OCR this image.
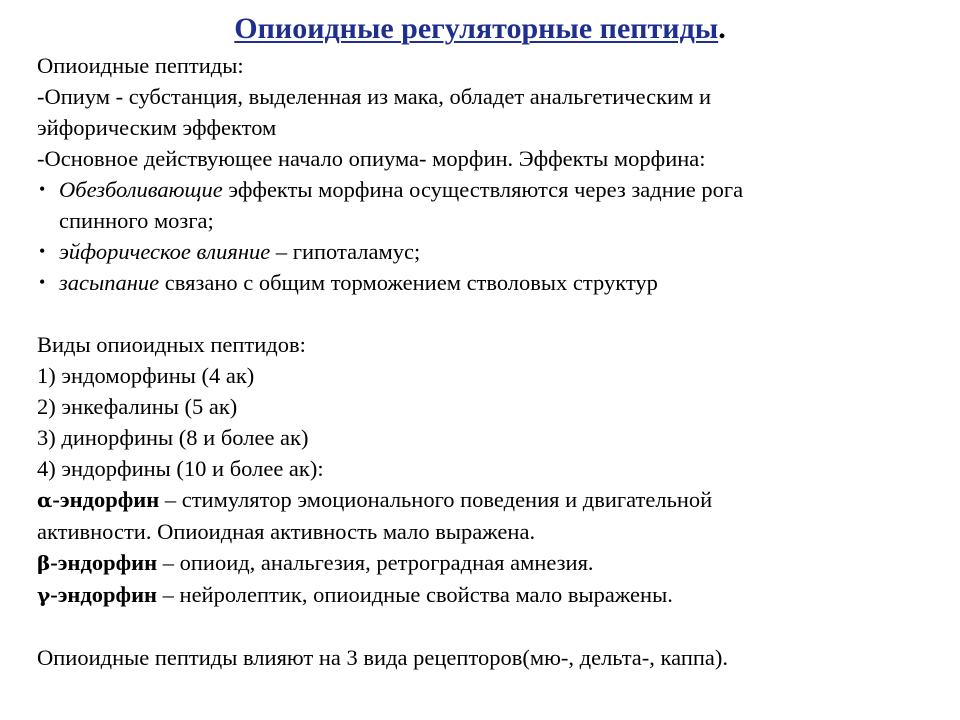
Опиоидные регуляторные пептиды.
Опиоидные пептиды:
-Опиум - субстанция, выделенная из мака, обладет анальгетическим и
эйфорическим эффектом
-Основное действующее начало опиума- морфин. Эффекты морфина:
• Обезболивающие эффекты морфина осуществляются через задние рога
спинного мозга;
• эйфорическое влияние – гипоталамус;
• засыпание связано с общим торможением стволовых структур
Виды опиоидных пептидов:
1) эндоморфины (4 ак)
2) энкефалины (5 ак)
3) динорфины (8 и более ак)
4) эндорфины (10 и более ак):
α-эндорфин – стимулятор эмоционального поведения и двигательной
активности. Опиоидная активность мало выражена.
β-эндорфин – опиоид, анальгезия, ретроградная амнезия.
γ-эндорфин – нейролептик, опиоидные свойства мало выражены.
Опиоидные пептиды влияют на 3 вида рецепторов(мю-, дельта-, каппа).
